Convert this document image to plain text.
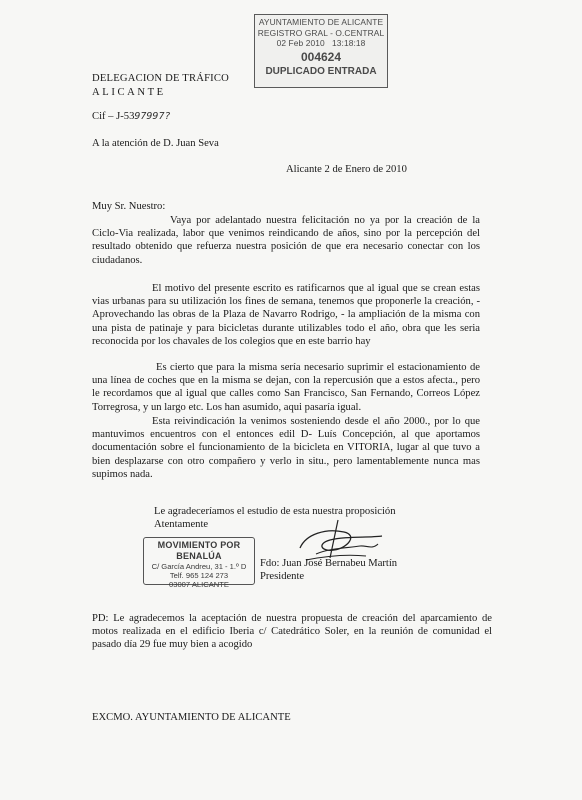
AYUNTAMIENTO DE ALICANTE
REGISTRO GRAL - O.CENTRAL
02 Feb 2010   13:18:18
004624
DUPLICADO ENTRADA
DELEGACION DE TRÁFICO
ALICANTE
Cif – J-5397997?
A la atención de D. Juan Seva
Alicante 2 de Enero de 2010
Muy Sr. Nuestro:
Vaya por adelantado nuestra felicitación no ya por la creación de la Ciclo-Via realizada, labor que venimos reindicando de años, sino por la percepción del resultado obtenido que refuerza nuestra posición de que era necesario conectar con los ciudadanos.
El motivo del presente escrito es ratificarnos que al igual que se crean estas vias urbanas para su utilización los fines de semana, tenemos que proponerle la creación, -Aprovechando las obras de la Plaza de Navarro Rodrigo, - la ampliación de la misma con una pista de patinaje y para bicicletas durante utilizables todo el año, obra que les seria reconocida por los chavales de los colegios que en este barrio hay
Es cierto que para la misma sería necesario suprimir el estacionamiento de una línea de coches que en la misma se dejan, con la repercusión que a estos afecta., pero le recordamos que al igual que calles como San Francisco, San Fernando, Correos López Torregrosa, y un largo etc. Los han asumido, aqui pasaría igual.
Esta reivindicación la venimos sosteniendo desde el año 2000., por lo que mantuvimos encuentros con el entonces edil D- Luís Concepción, al que aportamos documentación sobre el funcionamiento de la bicicleta en VITORIA, lugar al que tuvo a bien desplazarse con otro compañero y verlo in situ., pero lamentablemente nunca mas supimos nada.
Le agradeceríamos el estudio de esta nuestra proposición
Atentamente
MOVIMIENTO POR BENALÚA
C/ García Andreu, 31 - 1.º D
Telf. 965 124 273
03007 ALICANTE
Fdo: Juan José Bernabeu Martín
Presidente
PD: Le agradecemos la aceptación de nuestra propuesta de creación del aparcamiento de motos realizada en el edificio Iberia c/ Catedrático Soler, en la reunión de comunidad el pasado día 29 fue muy bien a acogido
EXCMO. AYUNTAMIENTO DE ALICANTE
